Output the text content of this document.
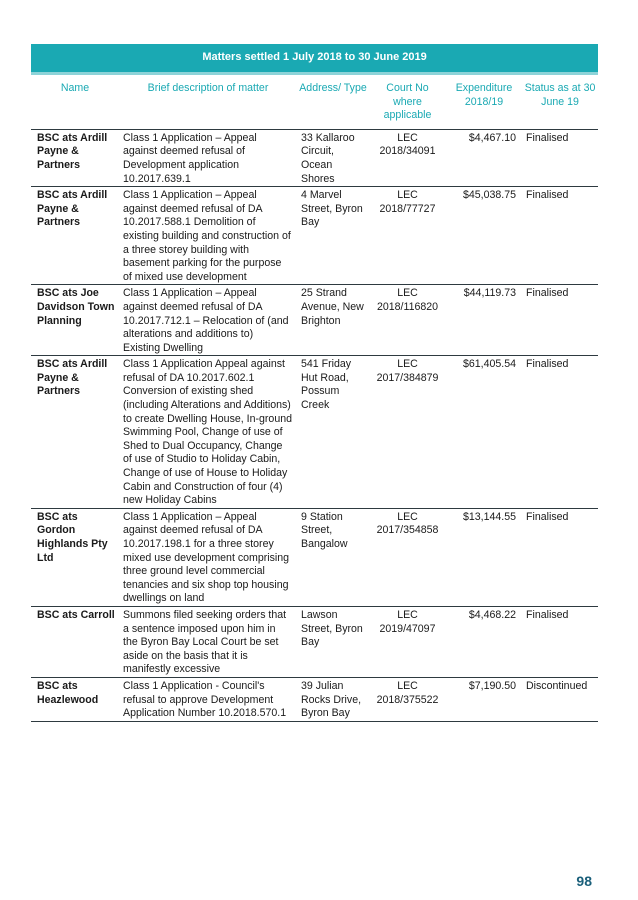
Matters settled 1 July 2018 to 30 June 2019					
Name	Brief description of matter	Address/ Type	Court No where applicable	Expenditure 2018/19	Status as at 30 June 19
BSC ats Ardill Payne & Partners	Class 1 Application – Appeal against deemed refusal of Development application 10.2017.639.1	33 Kallaroo Circuit, Ocean Shores	LEC 2018/34091	$4,467.10	Finalised
BSC ats Ardill Payne & Partners	Class 1 Application – Appeal against deemed refusal of DA 10.2017.588.1 Demolition of existing building and construction of a three storey building with basement parking for the purpose of mixed use development	4 Marvel Street, Byron Bay	LEC 2018/77727	$45,038.75	Finalised
BSC ats Joe Davidson Town Planning	Class 1 Application – Appeal against deemed refusal of DA 10.2017.712.1 – Relocation of (and alterations and additions to) Existing Dwelling	25 Strand Avenue, New Brighton	LEC 2018/116820	$44,119.73	Finalised
BSC ats Ardill Payne & Partners	Class 1 Application Appeal against refusal of DA 10.2017.602.1 Conversion of existing shed (including Alterations and Additions) to create Dwelling House, In-ground Swimming Pool, Change of use of Shed to Dual Occupancy, Change of use of Studio to Holiday Cabin, Change of use of House to Holiday Cabin and Construction of four (4) new Holiday Cabins	541 Friday Hut Road, Possum Creek	LEC 2017/384879	$61,405.54	Finalised
BSC ats Gordon Highlands Pty Ltd	Class 1 Application – Appeal against deemed refusal of DA 10.2017.198.1 for a three storey mixed use development comprising three ground level commercial tenancies and six shop top housing dwellings on land	9 Station Street, Bangalow	LEC 2017/354858	$13,144.55	Finalised
BSC ats Carroll	Summons filed seeking orders that a sentence imposed upon him in the Byron Bay Local Court be set aside on the basis that it is manifestly excessive	Lawson Street, Byron Bay	LEC 2019/47097	$4,468.22	Finalised
BSC ats Heazlewood	Class 1 Application - Council's refusal to approve Development Application Number 10.2018.570.1	39 Julian Rocks Drive, Byron Bay	LEC 2018/375522	$7,190.50	Discontinued
98
